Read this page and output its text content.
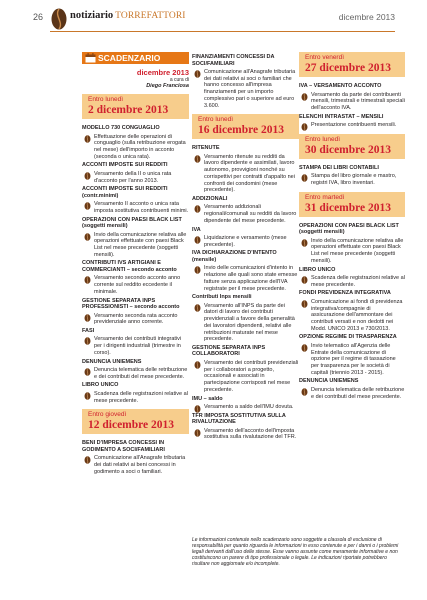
26	notiziario TORREFATTORI	dicembre 2013
SCADENZARIO FISCALE dicembre 2013
a cura di
Diego Franciosa
Entro lunedì
2 dicembre 2013
MODELLO 730 CONGUAGLIO
Effettuazione delle operazioni di conguaglio (sulla retribuzione erogata nel mese) dell'importo in acconto (seconda o unica rata).
ACCONTI IMPOSTE SUI REDDITI
Versamento della II o unica rata d'acconto per l'anno 2013.
ACCONTI IMPOSTE SUI REDDITI (contr.minimi)
Versamento II acconto o unica rata imposta sostitutiva contribuenti minimi.
OPERAZIONI CON PAESI BLACK LIST (soggetti mensili)
Invio della comunicazione relativa alle operazioni effettuate con paesi Black List nel mese precedente (soggetti mensili).
CONTRIBUTI IVS ARTIGIANI E COMMERCIANTI – secondo acconto
Versamento secondo acconto anno corrente sul reddito eccedente il minimale.
GESTIONE SEPARATA INPS PROFESSIONISTI – secondo acconto
Versamento seconda rata acconto previdenziale anno corrente.
FASI
Versamento dei contributi integrativi per i dirigenti industriali (trimestre in corso).
DENUNCIA UNIEMENS
Denuncia telematica delle retribuzione e dei contributi del mese precedente.
LIBRO UNICO
Scadenza delle registrazioni relative al mese precedente.
Entro giovedì
12 dicembre 2013
BENI D'IMPRESA CONCESSI IN GODIMENTO A SOCI/FAMILIARI
Comunicazione all'Anagrafe tributaria dei dati relativi ai beni concessi in godimento a soci o familiari.
FINANZIAMENTI CONCESSI DA SOCI/FAMILIARI
Comunicazione all'Anagrafe tributaria dei dati relativi ai soci o familiari che hanno concesso all'impresa finanziamenti per un importo complessivo pari o superiore ad euro 3.600.
Entro lunedì
16 dicembre 2013
RITENUTE
Versamento ritenute su redditi da lavoro dipendente e assimilati, lavoro autonomo, provvigioni nonché su corrispettivi per contratti d'appalto nei confronti dei condomini (mese precedente).
ADDIZIONALI
Versamento addizionali regionali/comunali su redditi da lavoro dipendente del mese precedente.
IVA
Liquidazione e versamento (mese precedente).
IVA DICHIARAZIONE D'INTENTO (mensile)
Invio delle comunicazioni d'intento in relazione alle quali sono state emesse fatture senza applicazione dell'IVA registrate per il mese precedente.
Contributi Inps mensili
Versamento all'INPS da parte dei datori di lavoro dei contributi previdenziali a favore della generalità dei lavoratori dipendenti, relativi alle retribuzioni maturate nel mese precedente.
GESTIONE SEPARATA INPS COLLABORATORI
Versamento dei contributi previdenziali per i collaboratori a progetto, occasionali e associati in partecipazione corrisposti nel mese precedente.
IMU – saldo
Versamento a saldo dell'IMU dovuta.
TFR IMPOSTA SOSTITUTIVA SULLA RIVALUTAZIONE
Versamento dell'acconto dell'imposta sostitutiva sulla rivalutazione del TFR.
Entro venerdì
27 dicembre 2013
IVA – VERSAMENTO ACCONTO
Versamento da parte dei contribuenti mensili, trimestrali e trimestrali speciali dell'acconto IVA.
ELENCHI INTRASTAT – MENSILI
Presentazione contribuenti mensili.
Entro lunedì
30 dicembre 2013
STAMPA DEI LIBRI CONTABILI
Stampa del libro giornale e mastro, registri IVA, libro inventari.
Entro martedì
31 dicembre 2013
OPERAZIONI CON PAESI BLACK LIST (soggetti mensili)
Invio della comunicazione relativa alle operazioni effettuate con paesi Black List nel mese precedente (soggetti mensili).
LIBRO UNICO
Scadenza delle registrazioni relative al mese precedente.
FONDI PREVIDENZA INTEGRATIVA
Comunicazione ai fondi di previdenza integrativa/compagnie di assicurazione dell'ammontare dei contributi versati e non dedotti nei Modd. UNICO 2013 e 730/2013.
OPZIONE REGIME DI TRASPARENZA
Invio telematico all'Agenzia delle Entrate della comunicazione di opzione per il regime di tassazione per trasparenza per le società di capitali (triennio 2013 - 2015).
DENUNCIA UNIEMENS
Denuncia telematica delle retribuzione e dei contributi del mese precedente.
Le informazioni contenute nello scadenzario sono soggette a clausola di esclusione di responsabilità per quanto riguarda le informazioni in esso contenute e per i danni o i problemi legali derivanti dall'uso delle stesse. Esse vanno assunte come meramente informative e non costituiscono un parere di tipo professionale o legale. Le indicazioni riportate potrebbero risultare non aggiornate e/o incomplete.
